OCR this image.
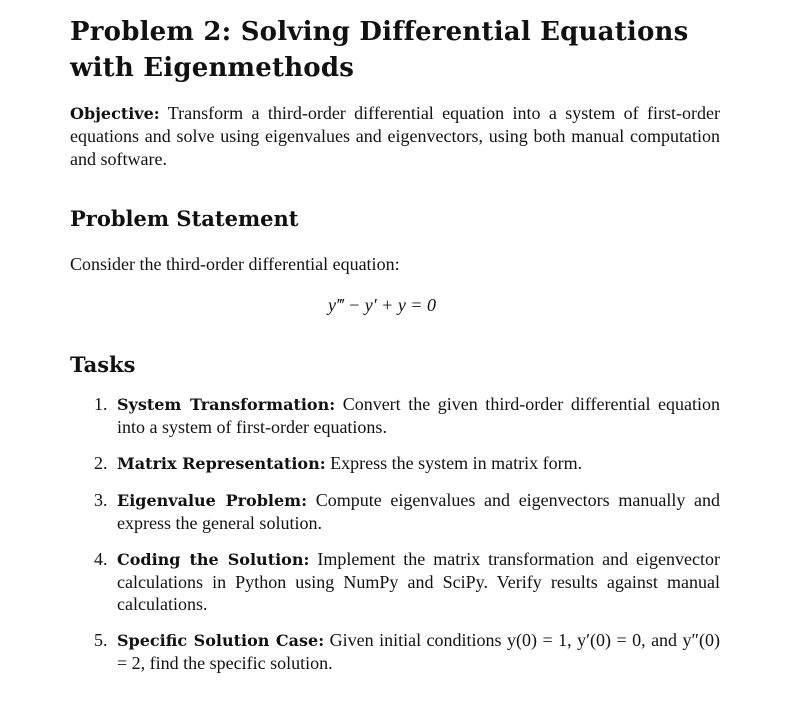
Problem 2: Solving Differential Equations with Eigenmethods
Objective: Transform a third-order differential equation into a system of first-order equations and solve using eigenvalues and eigenvectors, using both manual computation and software.
Problem Statement
Consider the third-order differential equation:
y‴ − y′ + y = 0
Tasks
1. System Transformation: Convert the given third-order differential equation into a system of first-order equations.
2. Matrix Representation: Express the system in matrix form.
3. Eigenvalue Problem: Compute eigenvalues and eigenvectors manually and express the general solution.
4. Coding the Solution: Implement the matrix transformation and eigenvector calculations in Python using NumPy and SciPy. Verify results against manual calculations.
5. Specific Solution Case: Given initial conditions y(0) = 1, y′(0) = 0, and y″(0) = 2, find the specific solution.
